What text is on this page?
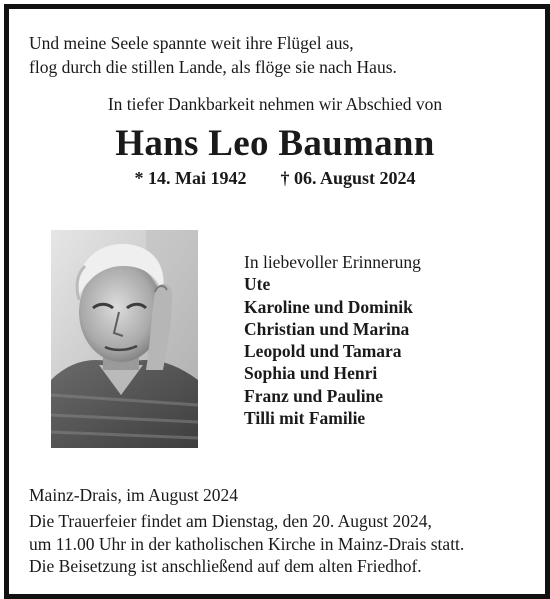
Und meine Seele spannte weit ihre Flügel aus,
flog durch die stillen Lande, als flöge sie nach Haus.
In tiefer Dankbarkeit nehmen wir Abschied von
Hans Leo Baumann
* 14. Mai 1942 † 06. August 2024
In liebevoller Erinnerung
Ute
Karoline und Dominik
Christian und Marina
Leopold und Tamara
Sophia und Henri
Franz und Pauline
Tilli mit Familie
Mainz-Drais, im August 2024
Die Trauerfeier findet am Dienstag, den 20. August 2024,
um 11.00 Uhr in der katholischen Kirche in Mainz-Drais statt.
Die Beisetzung ist anschließend auf dem alten Friedhof.
